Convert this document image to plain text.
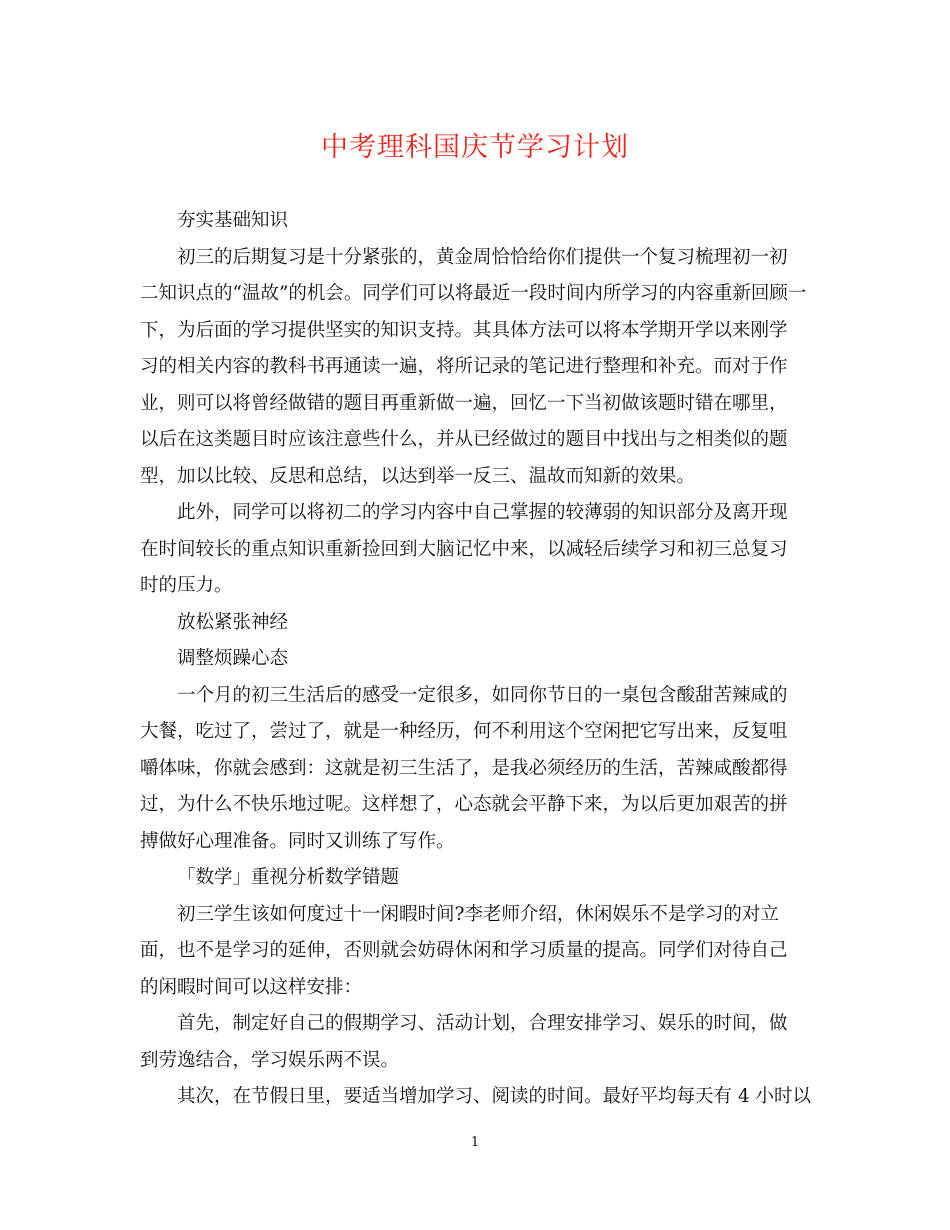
中考理科国庆节学习计划
夯实基础知识
初三的后期复习是十分紧张的，黄金周恰恰给你们提供一个复习梳理初一初
二知识点的“温故”的机会。同学们可以将最近一段时间内所学习的内容重新回顾一
下，为后面的学习提供坚实的知识支持。其具体方法可以将本学期开学以来刚学
习的相关内容的教科书再通读一遍，将所记录的笔记进行整理和补充。而对于作
业，则可以将曾经做错的题目再重新做一遍，回忆一下当初做该题时错在哪里，
以后在这类题目时应该注意些什么，并从已经做过的题目中找出与之相类似的题
型，加以比较、反思和总结，以达到举一反三、温故而知新的效果。
此外，同学可以将初二的学习内容中自己掌握的较薄弱的知识部分及离开现
在时间较长的重点知识重新捡回到大脑记忆中来，以减轻后续学习和初三总复习
时的压力。
放松紧张神经
调整烦躁心态
一个月的初三生活后的感受一定很多，如同你节日的一桌包含酸甜苦辣咸的
大餐，吃过了，尝过了，就是一种经历，何不利用这个空闲把它写出来，反复咀
嚼体味，你就会感到：这就是初三生活了，是我必须经历的生活，苦辣咸酸都得
过，为什么不快乐地过呢。这样想了，心态就会平静下来，为以后更加艰苦的拼
搏做好心理准备。同时又训练了写作。
「数学」重视分析数学错题
初三学生该如何度过十一闲暇时间?李老师介绍，休闲娱乐不是学习的对立
面，也不是学习的延伸，否则就会妨碍休闲和学习质量的提高。同学们对待自己
的闲暇时间可以这样安排：
首先，制定好自己的假期学习、活动计划，合理安排学习、娱乐的时间，做
到劳逸结合，学习娱乐两不误。
其次，在节假日里，要适当增加学习、阅读的时间。最好平均每天有 4 小时以
1
